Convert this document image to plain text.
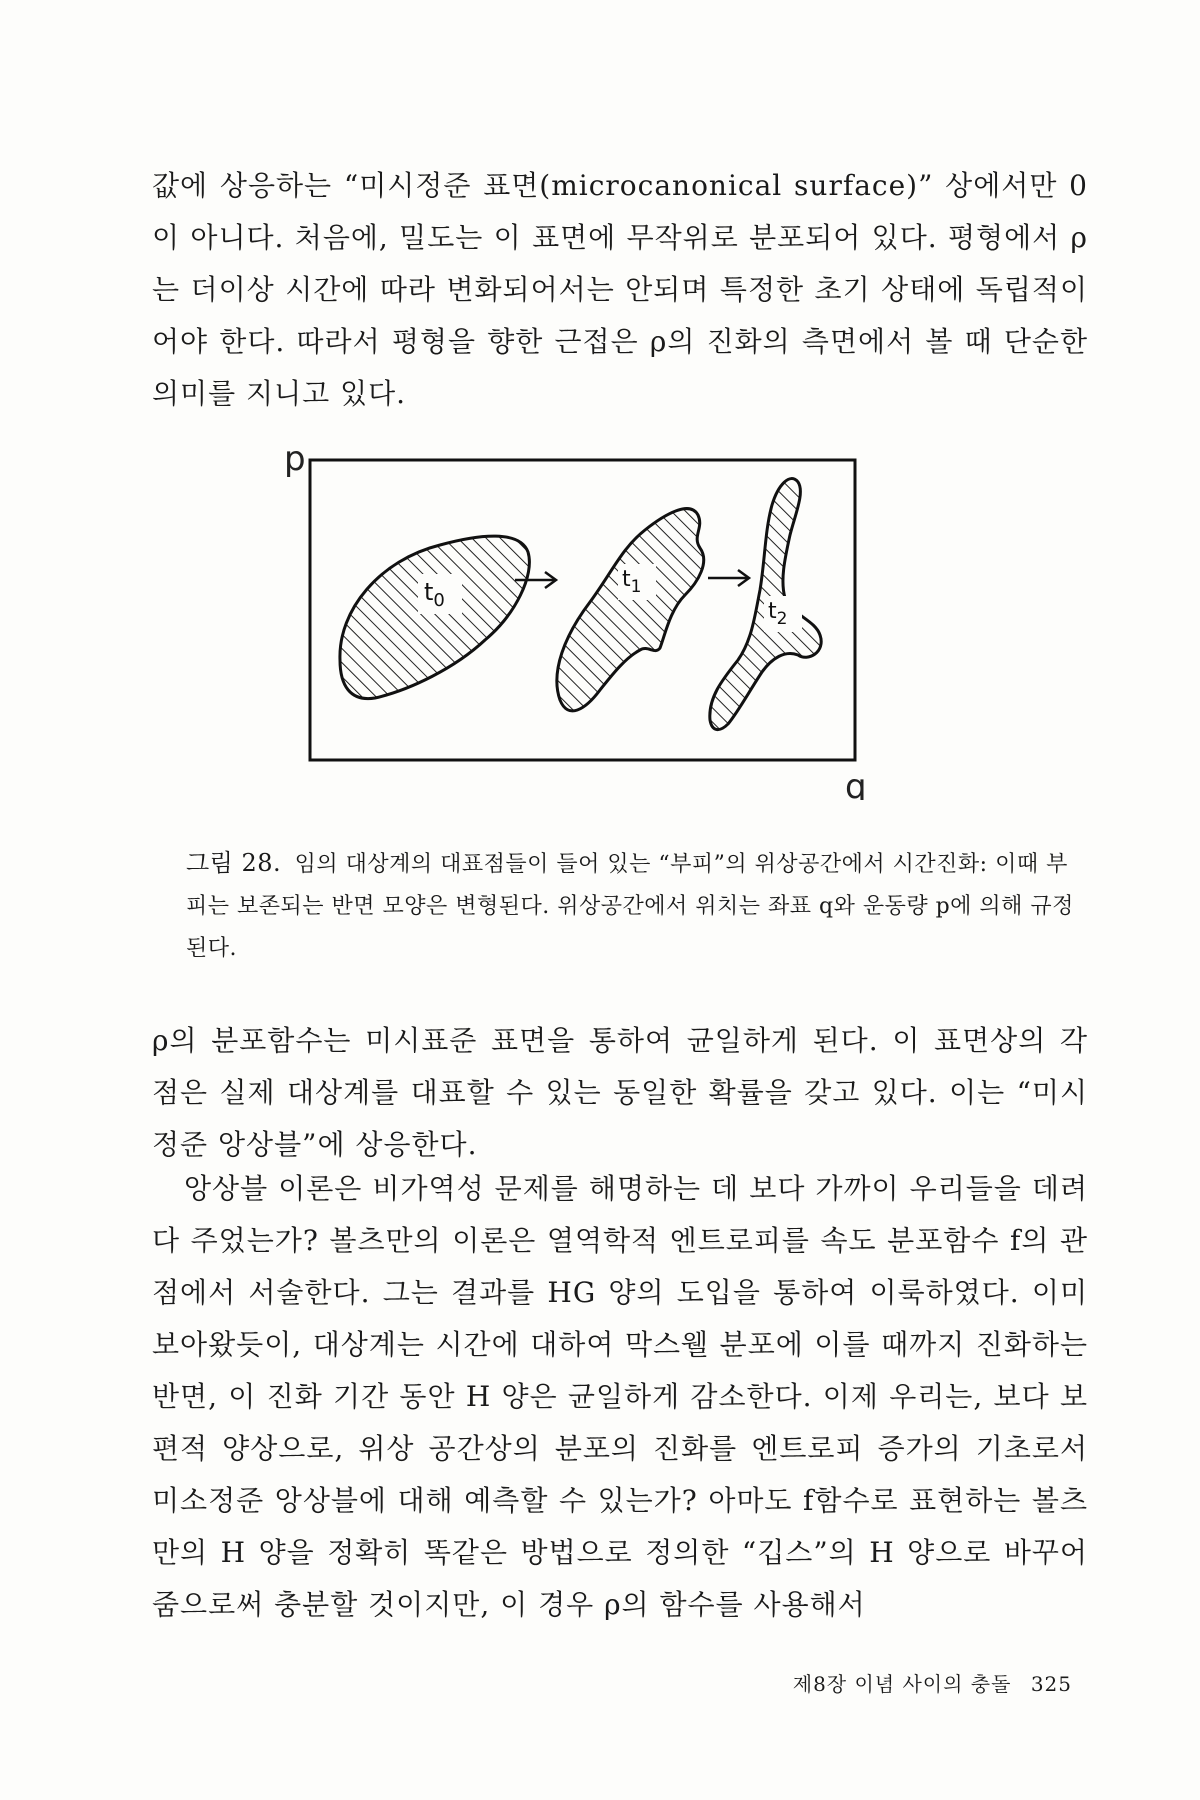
값에 상응하는 “미시정준 표면(microcanonical surface)” 상에서만 0이 아니다. 처음에, 밀도는 이 표면에 무작위로 분포되어 있다. 평형에서 ρ는 더이상 시간에 따라 변화되어서는 안되며 특정한 초기 상태에 독립적이어야 한다. 따라서 평형을 향한 근접은 ρ의 진화의 측면에서 볼 때 단순한 의미를 지니고 있다.
p
q
$t_0$
$t_1$
$t_2$
그림 28. 임의 대상계의 대표점들이 들어 있는 “부피”의 위상공간에서 시간진화: 이때 부피는 보존되는 반면 모양은 변형된다. 위상공간에서 위치는 좌표 q와 운동량 p에 의해 규정된다.
ρ의 분포함수는 미시표준 표면을 통하여 균일하게 된다. 이 표면상의 각 점은 실제 대상계를 대표할 수 있는 동일한 확률을 갖고 있다. 이는 “미시정준 앙상블”에 상응한다.
앙상블 이론은 비가역성 문제를 해명하는 데 보다 가까이 우리들을 데려다 주었는가? 볼츠만의 이론은 열역학적 엔트로피를 속도 분포함수 f의 관점에서 서술한다. 그는 결과를 HG 양의 도입을 통하여 이룩하였다. 이미 보아왔듯이, 대상계는 시간에 대하여 막스웰 분포에 이를 때까지 진화하는 반면, 이 진화 기간 동안 H 양은 균일하게 감소한다. 이제 우리는, 보다 보편적 양상으로, 위상 공간상의 분포의 진화를 엔트로피 증가의 기초로서 미소정준 앙상블에 대해 예측할 수 있는가? 아마도 f함수로 표현하는 볼츠만의 H 양을 정확히 똑같은 방법으로 정의한 “깁스”의 H 양으로 바꾸어 줌으로써 충분할 것이지만, 이 경우 ρ의 함수를 사용해서
제8장 이념 사이의 충돌 325
